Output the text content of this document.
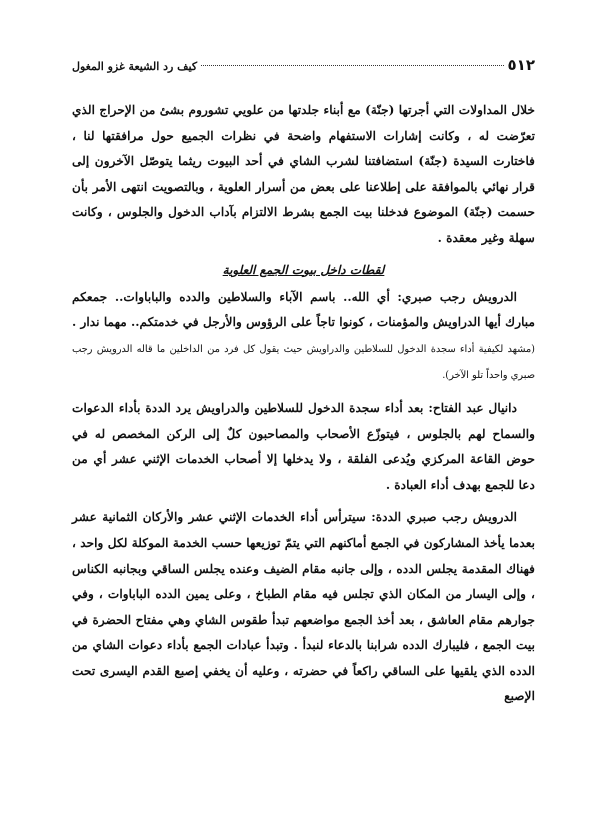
٥١٢
كيف رد الشيعة غزو المغول

خلال المداولات التي أجرتها (جنّة) مع أبناء جلدتها من علويي تشوروم بشئ من الإحراج الذي تعرّضت له ، وكانت إشارات الاستفهام واضحة في نظرات الجميع حول مرافقتها لنا ، فاختارت السيدة (جنّة) استضافتنا لشرب الشاي في أحد البيوت ريثما يتوصّل الآخرون إلى قرار نهائي بالموافقة على إطلاعنا على بعض من أسرار العلوية ، وبالتصويت انتهى الأمر بأن حسمت (جنّة) الموضوع فدخلنا بيت الجمع بشرط الالتزام بآداب الدخول والجلوس ، وكانت سهلة وغير معقدة .

لقطات داخل بيوت الجمع العلوية

الدرويش رجب صبري: أي الله.. باسم الآباء والسلاطين والدده والباباوات.. جمعكم مبارك أيها الدراويش والمؤمنات ، كونوا تاجاً على الرؤوس والأرجل في خدمتكم.. مهما ندار . (مشهد لكيفية أداء سجدة الدخول للسلاطين والدراويش حيث يقول كل فرد من الداخلين ما قاله الدرويش رجب صبري واحداً تلو الآخر).

دانيال عبد الفتاح: بعد أداء سجدة الدخول للسلاطين والدراويش يرد الددة بأداء الدعوات والسماح لهم بالجلوس ، فيتوزّع الأصحاب والمصاحبون كلٌ إلى الركن المخصص له في حوض القاعة المركزي ويُدعى الفلقة ، ولا يدخلها إلا أصحاب الخدمات الإثني عشر أي من دعا للجمع بهدف أداء العبادة .

الدرويش رجب صبري الددة: سيترأس أداء الخدمات الإثني عشر والأركان الثمانية عشر بعدما يأخذ المشاركون في الجمع أماكنهم التي يتمّ توزيعها حسب الخدمة الموكلة لكل واحد ، فهناك المقدمة يجلس الدده ، وإلى جانبه مقام الضيف وعنده يجلس الساقي وبجانبه الكناس ، وإلى اليسار من المكان الذي تجلس فيه مقام الطباخ ، وعلى يمين الدده الباباوات ، وفي جوارهم مقام العاشق ، بعد أخذ الجمع مواضعهم تبدأ طقوس الشاي وهي مفتاح الحضرة في بيت الجمع ، فليبارك الدده شرابنا بالدعاء لنبدأ . وتبدأ عبادات الجمع بأداء دعوات الشاي من الدده الذي يلقيها على الساقي راكعاً في حضرته ، وعليه أن يخفي إصبع القدم اليسرى تحت الإصبع
